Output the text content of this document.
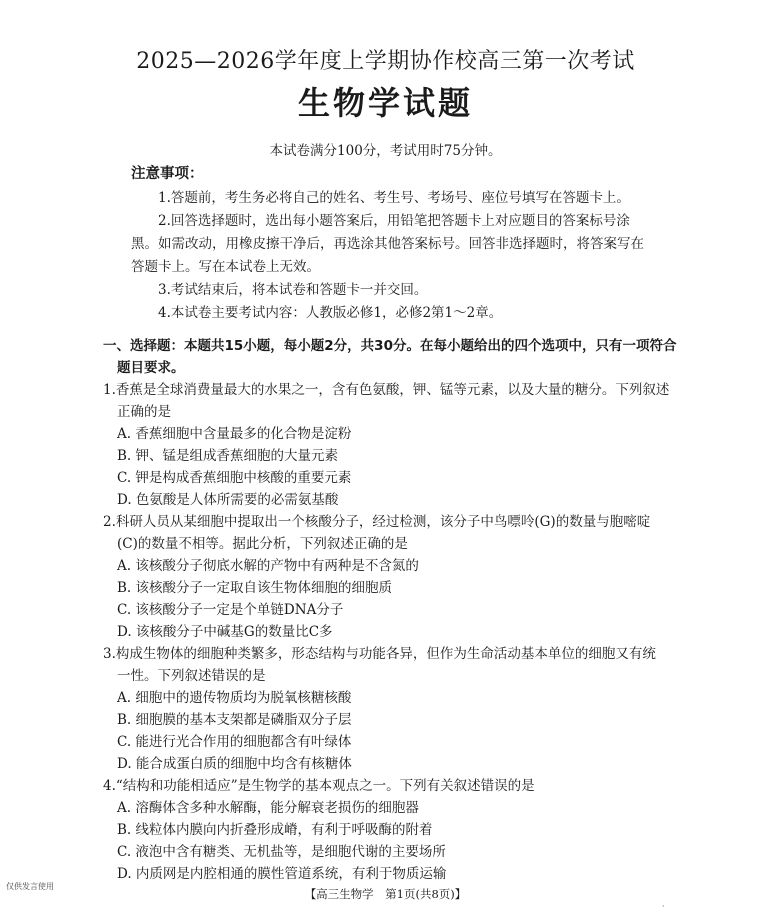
2025—2026学年度上学期协作校高三第一次考试
生物学试题
本试卷满分100分，考试用时75分钟。
注意事项：
1.答题前，考生务必将自己的姓名、考生号、考场号、座位号填写在答题卡上。
2.回答选择题时，选出每小题答案后，用铅笔把答题卡上对应题目的答案标号涂
黑。如需改动，用橡皮擦干净后，再选涂其他答案标号。回答非选择题时，将答案写在
答题卡上。写在本试卷上无效。
3.考试结束后，将本试卷和答题卡一并交回。
4.本试卷主要考试内容：人教版必修1，必修2第1～2章。
一、选择题：本题共15小题，每小题2分，共30分。在每小题给出的四个选项中，只有一项符合
题目要求。
1.香蕉是全球消费量最大的水果之一，含有色氨酸，钾、锰等元素，以及大量的糖分。下列叙述
正确的是
A. 香蕉细胞中含量最多的化合物是淀粉
B. 钾、锰是组成香蕉细胞的大量元素
C. 钾是构成香蕉细胞中核酸的重要元素
D. 色氨酸是人体所需要的必需氨基酸
2.科研人员从某细胞中提取出一个核酸分子，经过检测，该分子中鸟嘌呤(G)的数量与胞嘧啶
(C)的数量不相等。据此分析，下列叙述正确的是
A. 该核酸分子彻底水解的产物中有两种是不含氮的
B. 该核酸分子一定取自该生物体细胞的细胞质
C. 该核酸分子一定是个单链DNA分子
D. 该核酸分子中碱基G的数量比C多
3.构成生物体的细胞种类繁多，形态结构与功能各异，但作为生命活动基本单位的细胞又有统
一性。下列叙述错误的是
A. 细胞中的遗传物质均为脱氧核糖核酸
B. 细胞膜的基本支架都是磷脂双分子层
C. 能进行光合作用的细胞都含有叶绿体
D. 能合成蛋白质的细胞中均含有核糖体
4.“结构和功能相适应”是生物学的基本观点之一。下列有关叙述错误的是
A. 溶酶体含多种水解酶，能分解衰老损伤的细胞器
B. 线粒体内膜向内折叠形成嵴，有利于呼吸酶的附着
C. 液泡中含有糖类、无机盐等，是细胞代谢的主要场所
D. 内质网是内腔相通的膜性管道系统，有利于物质运输
仅供发言使用
【高三生物学　第1页(共8页)】
·
